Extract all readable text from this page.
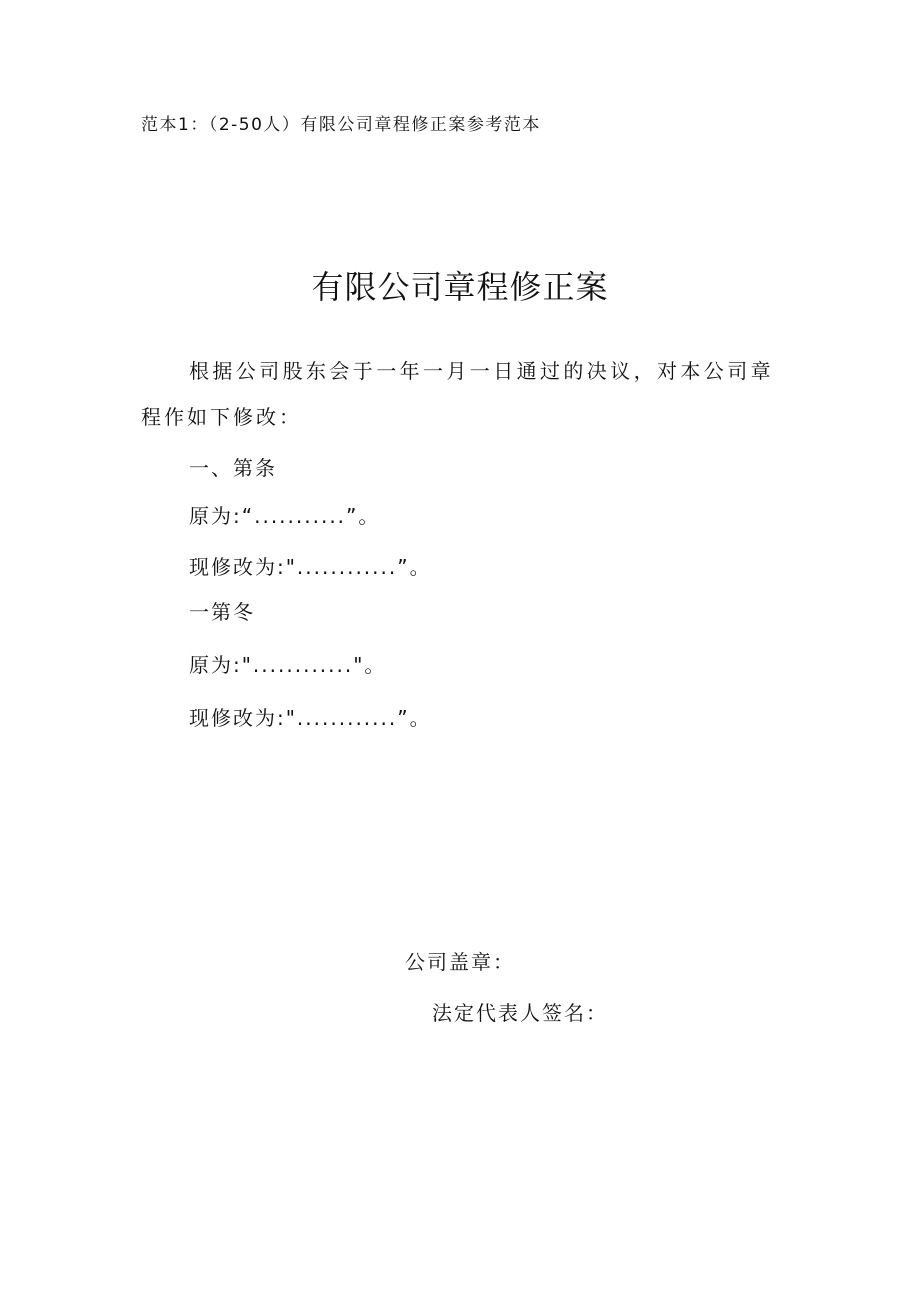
范本1：（2-50人）有限公司章程修正案参考范本
有限公司章程修正案
根据公司股东会于一年一月一日通过的决议，对本公司章
程作如下修改：
一、第条
原为:“...........”。
现修改为:"............”。
一第冬
原为:"............"。
现修改为:"............”。
公司盖章：
法定代表人签名：
